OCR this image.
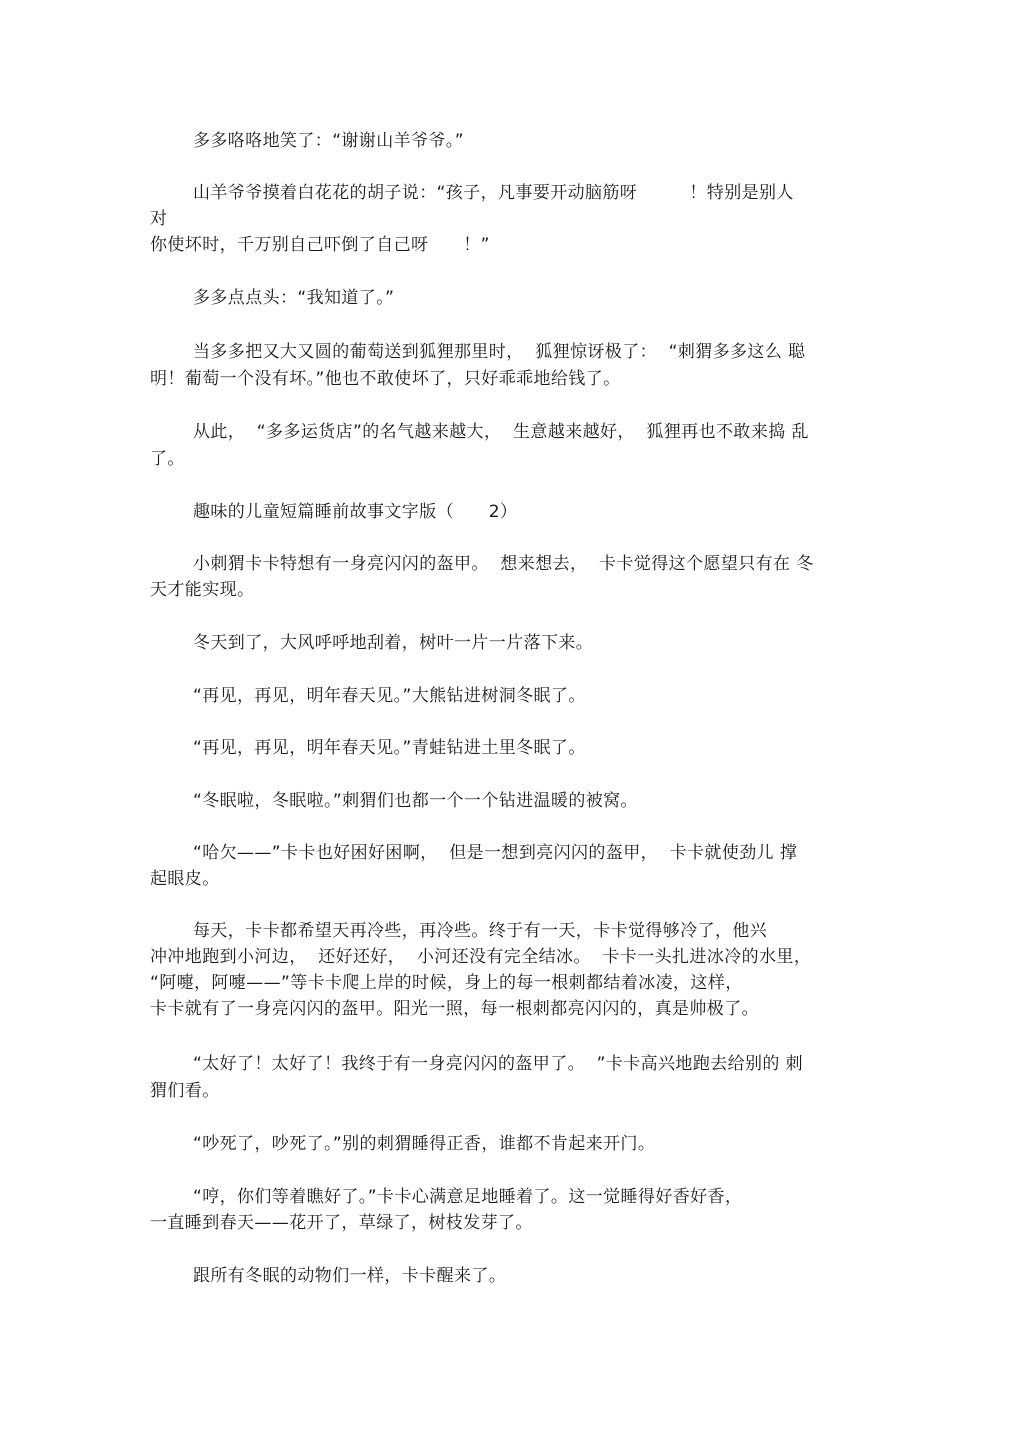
多多咯咯地笑了：“谢谢山羊爷爷。”

山羊爷爷摸着白花花的胡子说：“孩子，凡事要开动脑筋呀　　　！特别是别人

对

你使坏时，千万别自己吓倒了自己呀　　！”

多多点点头：“我知道了。”

当多多把又大又圆的葡萄送到狐狸那里时，  狐狸惊讶极了：  “刺猬多多这么 聪

明！葡萄一个没有坏。”他也不敢使坏了，只好乖乖地给钱了。

从此，  “多多运货店”的名气越来越大，  生意越来越好，  狐狸再也不敢来捣 乱

了。

趣味的儿童短篇睡前故事文字版（　　2）

小刺猬卡卡特想有一身亮闪闪的盔甲。  想来想去，  卡卡觉得这个愿望只有在 冬

天才能实现。

冬天到了，大风呼呼地刮着，树叶一片一片落下来。

“再见，再见，明年春天见。”大熊钻进树洞冬眠了。

“再见，再见，明年春天见。”青蛙钻进土里冬眠了。

“冬眠啦，冬眠啦。”刺猬们也都一个一个钻进温暖的被窝。

“哈欠——”卡卡也好困好困啊，  但是一想到亮闪闪的盔甲，  卡卡就使劲儿 撑

起眼皮。

每天，卡卡都希望天再冷些，再冷些。终于有一天，卡卡觉得够冷了，他兴

冲冲地跑到小河边，  还好还好，  小河还没有完全结冰。  卡卡一头扎进冰冷的水里，

“阿嚏，阿嚏——”等卡卡爬上岸的时候，身上的每一根刺都结着冰凌，这样，

卡卡就有了一身亮闪闪的盔甲。阳光一照，每一根刺都亮闪闪的，真是帅极了。

“太好了！太好了！我终于有一身亮闪闪的盔甲了。  ”卡卡高兴地跑去给别的 刺

猬们看。

“吵死了，吵死了。”别的刺猬睡得正香，谁都不肯起来开门。

“哼，你们等着瞧好了。”卡卡心满意足地睡着了。这一觉睡得好香好香，

一直睡到春天——花开了，草绿了，树枝发芽了。

跟所有冬眠的动物们一样，卡卡醒来了。
